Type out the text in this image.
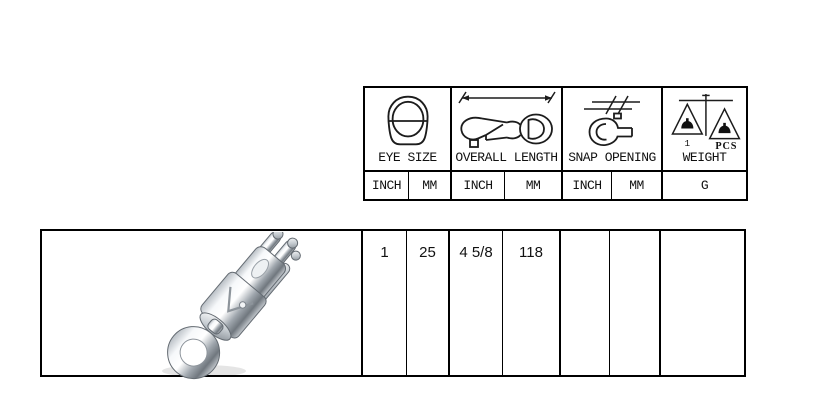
EYE SIZE OVERALL LENGTH SNAP OPENING
1 PCS
WEIGHT
INCH	MM	INCH	MM	INCH	MM	G
1	25	4 5/8	118
